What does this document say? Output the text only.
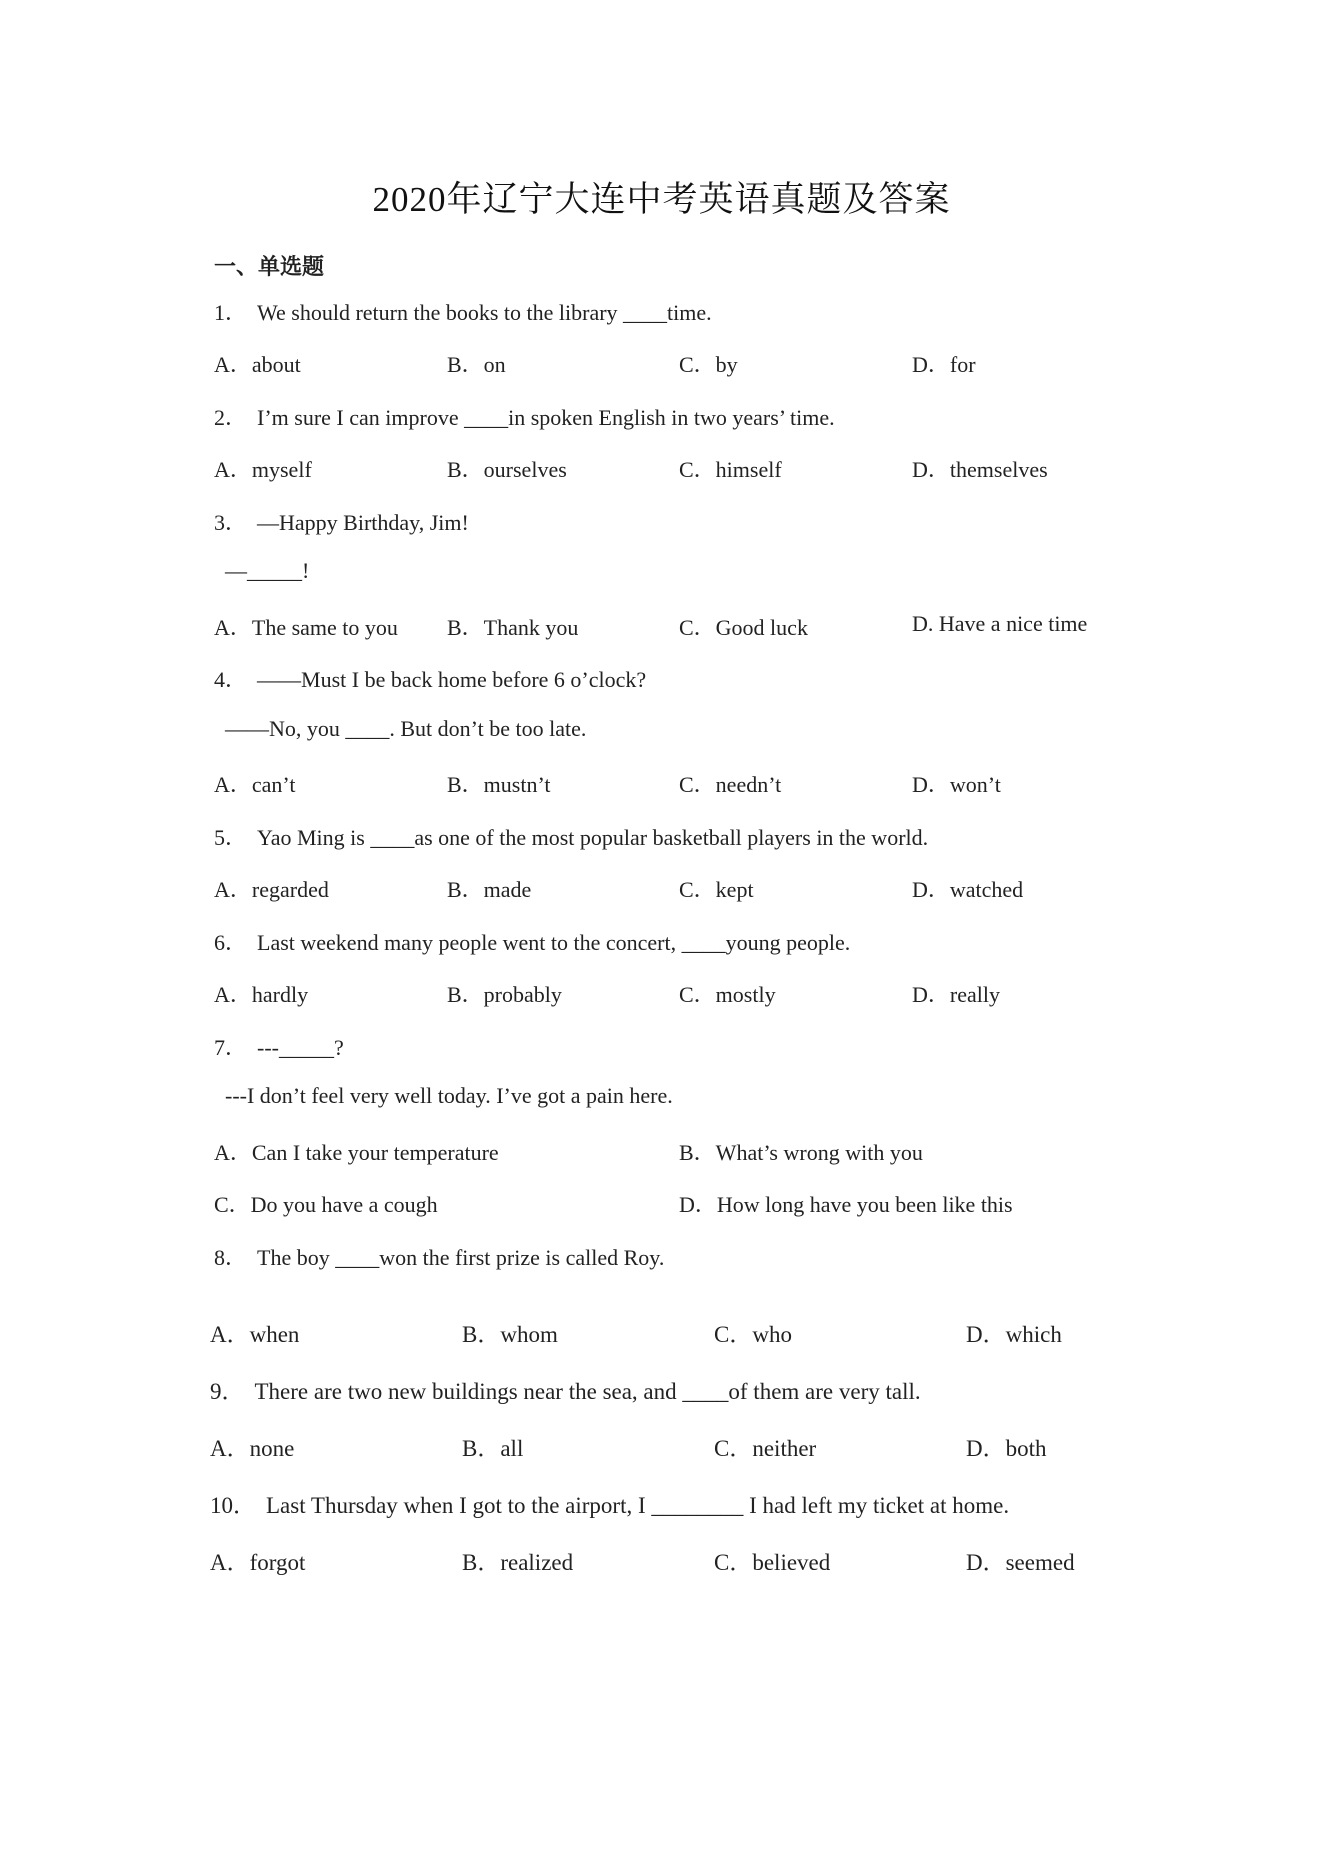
2020年辽宁大连中考英语真题及答案
一、单选题
1． We should return the books to the library ____time.
A．about	B．on	C．by	D．for
2． I’m sure I can improve ____in spoken English in two years’ time.
A．myself	B．ourselves	C．himself	D．themselves
3． —Happy Birthday, Jim!
—_____!
A．The same to you B．Thank you	C．Good luck	D. Have a nice time
4． ——Must I be back home before 6 o’clock?
——No, you ____. But don’t be too late.
A．can’t	B．mustn’t	C．needn’t	D．won’t
5． Yao Ming is ____as one of the most popular basketball players in the world.
A．regarded	B．made	C．kept	D．watched
6． Last weekend many people went to the concert, ____young people.
A．hardly	B．probably	C．mostly	D．really
7． ---_____?
---I don’t feel very well today. I’ve got a pain here.
A．Can I take your temperature	B．What’s wrong with you
C．Do you have a cough	D．How long have you been like this
8． The boy ____won the first prize is called Roy.
A．when	B．whom	C．who	D．which
9． There are two new buildings near the sea, and ____of them are very tall.
A．none	B．all	C．neither	D．both
10． Last Thursday when I got to the airport, I ________ I had left my ticket at home.
A．forgot	B．realized	C．believed	D．seemed
